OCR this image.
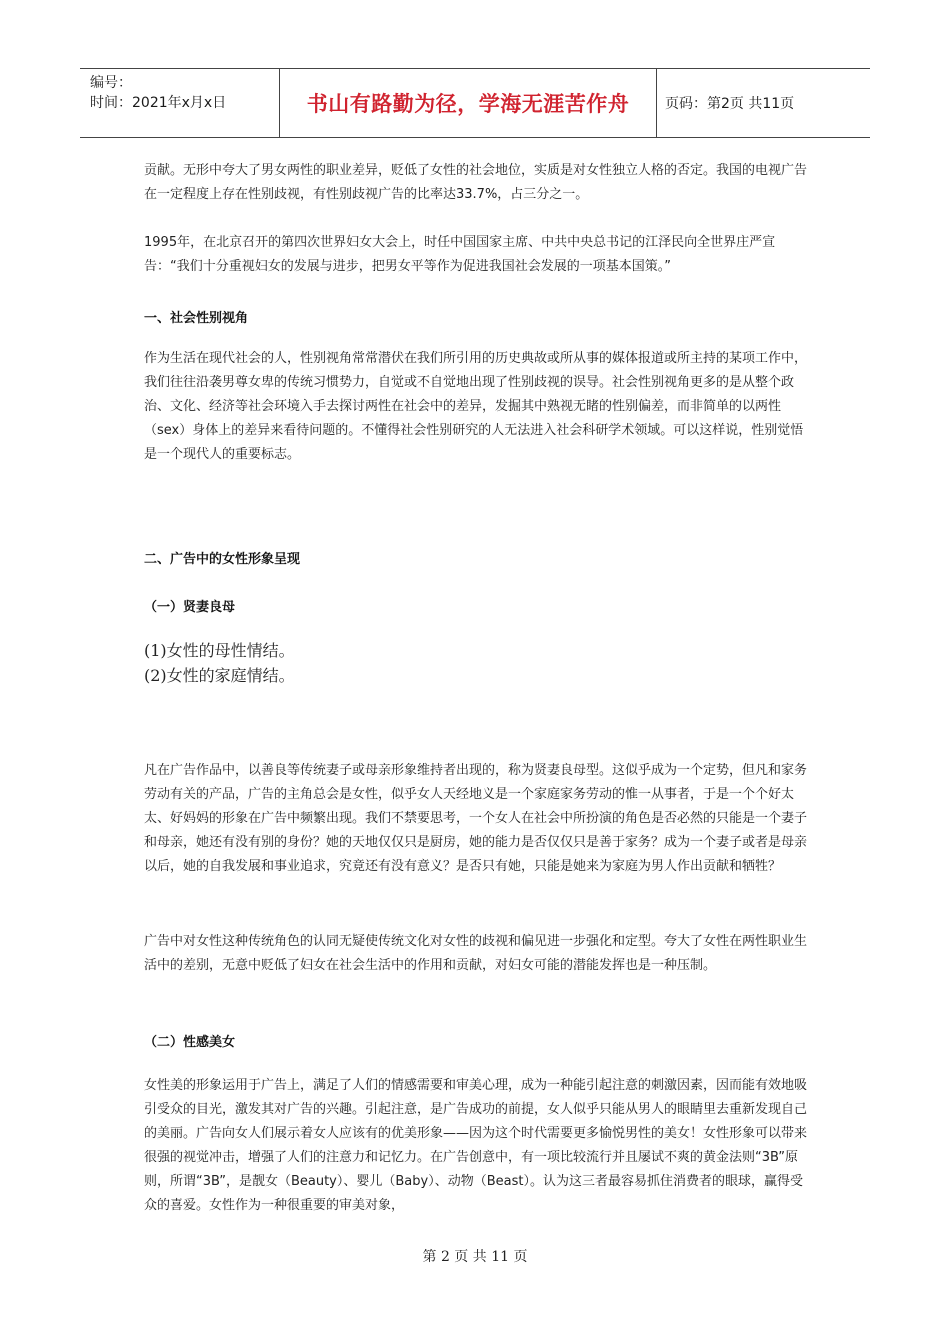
编号：
时间：2021年x月x日	书山有路勤为径，学海无涯苦作舟	页码：第2页 共11页

贡献。无形中夸大了男女两性的职业差异，贬低了女性的社会地位，实质是对女性独立人格的否定。我国的电视广告在一定程度上存在性别歧视，有性别歧视广告的比率达33.7%，占三分之一。

1995年，在北京召开的第四次世界妇女大会上，时任中国国家主席、中共中央总书记的江泽民向全世界庄严宣告：“我们十分重视妇女的发展与进步，把男女平等作为促进我国社会发展的一项基本国策。”

一、社会性别视角

作为生活在现代社会的人，性别视角常常潜伏在我们所引用的历史典故或所从事的媒体报道或所主持的某项工作中，我们往往沿袭男尊女卑的传统习惯势力，自觉或不自觉地出现了性别歧视的误导。社会性别视角更多的是从整个政治、文化、经济等社会环境入手去探讨两性在社会中的差异，发掘其中熟视无睹的性别偏差，而非简单的以两性（sex）身体上的差异来看待问题的。不懂得社会性别研究的人无法进入社会科研学术领域。可以这样说，性别觉悟是一个现代人的重要标志。

二、广告中的女性形象呈现
（一）贤妻良母
(1)女性的母性情结。
(2)女性的家庭情结。

凡在广告作品中，以善良等传统妻子或母亲形象维持者出现的，称为贤妻良母型。这似乎成为一个定势，但凡和家务劳动有关的产品，广告的主角总会是女性，似乎女人天经地义是一个家庭家务劳动的惟一从事者，于是一个个好太太、好妈妈的形象在广告中频繁出现。我们不禁要思考，一个女人在社会中所扮演的角色是否必然的只能是一个妻子和母亲，她还有没有别的身份？她的天地仅仅只是厨房，她的能力是否仅仅只是善于家务？成为一个妻子或者是母亲以后，她的自我发展和事业追求，究竟还有没有意义？是否只有她，只能是她来为家庭为男人作出贡献和牺牲？

广告中对女性这种传统角色的认同无疑使传统文化对女性的歧视和偏见进一步强化和定型。夸大了女性在两性职业生活中的差别，无意中贬低了妇女在社会生活中的作用和贡献，对妇女可能的潜能发挥也是一种压制。

（二）性感美女

女性美的形象运用于广告上，满足了人们的情感需要和审美心理，成为一种能引起注意的刺激因素，因而能有效地吸引受众的目光，激发其对广告的兴趣。引起注意，是广告成功的前提，女人似乎只能从男人的眼睛里去重新发现自己的美丽。广告向女人们展示着女人应该有的优美形象——因为这个时代需要更多愉悦男性的美女！女性形象可以带来很强的视觉冲击，增强了人们的注意力和记忆力。在广告创意中，有一项比较流行并且屡试不爽的黄金法则“3B”原则，所谓“3B”，是靓女（Beauty）、婴儿（Baby）、动物（Beast）。认为这三者最容易抓住消费者的眼球，赢得受众的喜爱。女性作为一种很重要的审美对象，

第 2 页 共 11 页
